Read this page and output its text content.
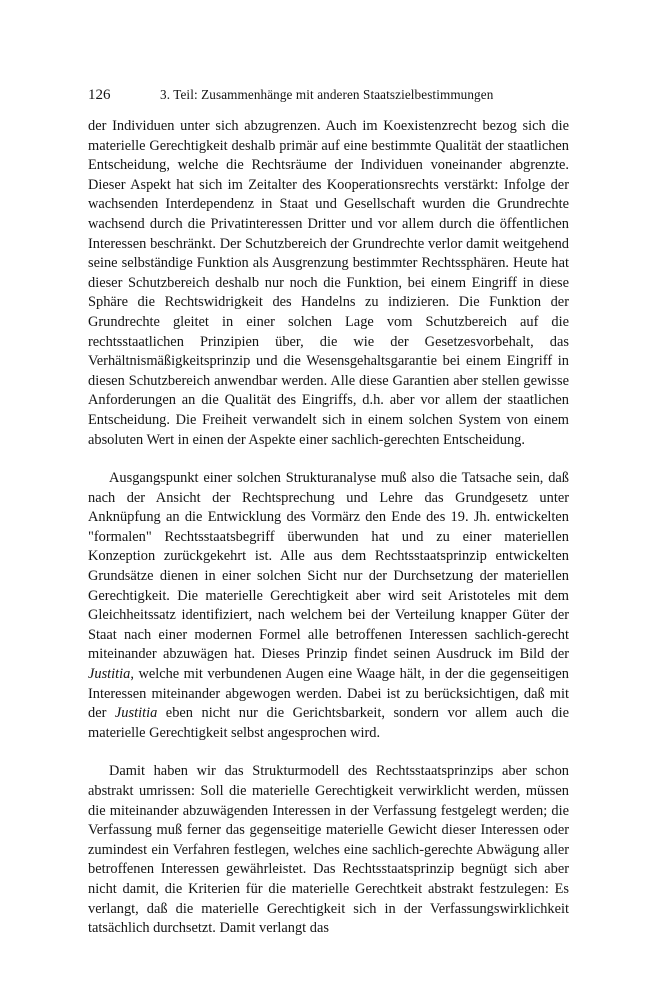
126	3. Teil: Zusammenhänge mit anderen Staatszielbestimmungen

der Individuen unter sich abzugrenzen. Auch im Koexistenzrecht bezog sich die materielle Gerechtigkeit deshalb primär auf eine bestimmte Qualität der staatlichen Entscheidung, welche die Rechtsräume der Individuen voneinander abgrenzte. Dieser Aspekt hat sich im Zeitalter des Kooperationsrechts verstärkt: Infolge der wachsenden Interdependenz in Staat und Gesellschaft wurden die Grundrechte wachsend durch die Privatinteressen Dritter und vor allem durch die öffentlichen Interessen beschränkt. Der Schutzbereich der Grundrechte verlor damit weitgehend seine selbständige Funktion als Ausgrenzung bestimmter Rechtssphären. Heute hat dieser Schutzbereich deshalb nur noch die Funktion, bei einem Eingriff in diese Sphäre die Rechtswidrigkeit des Handelns zu indizieren. Die Funktion der Grundrechte gleitet in einer solchen Lage vom Schutzbereich auf die rechtsstaatlichen Prinzipien über, die wie der Gesetzesvorbehalt, das Verhältnismäßigkeitsprinzip und die Wesensgehaltsgarantie bei einem Eingriff in diesen Schutzbereich anwendbar werden. Alle diese Garantien aber stellen gewisse Anforderungen an die Qualität des Eingriffs, d.h. aber vor allem der staatlichen Entscheidung. Die Freiheit verwandelt sich in einem solchen System von einem absoluten Wert in einen der Aspekte einer sachlich-gerechten Entscheidung.

Ausgangspunkt einer solchen Strukturanalyse muß also die Tatsache sein, daß nach der Ansicht der Rechtsprechung und Lehre das Grundgesetz unter Anknüpfung an die Entwicklung des Vormärz den Ende des 19. Jh. entwickelten "formalen" Rechtsstaatsbegriff überwunden hat und zu einer materiellen Konzeption zurückgekehrt ist. Alle aus dem Rechtsstaatsprinzip entwickelten Grundsätze dienen in einer solchen Sicht nur der Durchsetzung der materiellen Gerechtigkeit. Die materielle Gerechtigkeit aber wird seit Aristoteles mit dem Gleichheitssatz identifiziert, nach welchem bei der Verteilung knapper Güter der Staat nach einer modernen Formel alle betroffenen Interessen sachlich-gerecht miteinander abzuwägen hat. Dieses Prinzip findet seinen Ausdruck im Bild der Justitia, welche mit verbundenen Augen eine Waage hält, in der die gegenseitigen Interessen miteinander abgewogen werden. Dabei ist zu berücksichtigen, daß mit der Justitia eben nicht nur die Gerichtsbarkeit, sondern vor allem auch die materielle Gerechtigkeit selbst angesprochen wird.

Damit haben wir das Strukturmodell des Rechtsstaatsprinzips aber schon abstrakt umrissen: Soll die materielle Gerechtigkeit verwirklicht werden, müssen die miteinander abzuwägenden Interessen in der Verfassung festgelegt werden; die Verfassung muß ferner das gegenseitige materielle Gewicht dieser Interessen oder zumindest ein Verfahren festlegen, welches eine sachlich-gerechte Abwägung aller betroffenen Interessen gewährleistet. Das Rechtsstaatsprinzip begnügt sich aber nicht damit, die Kriterien für die materielle Gerechtkeit abstrakt festzulegen: Es verlangt, daß die materielle Gerechtigkeit sich in der Verfassungswirklichkeit tatsächlich durchsetzt. Damit verlangt das
